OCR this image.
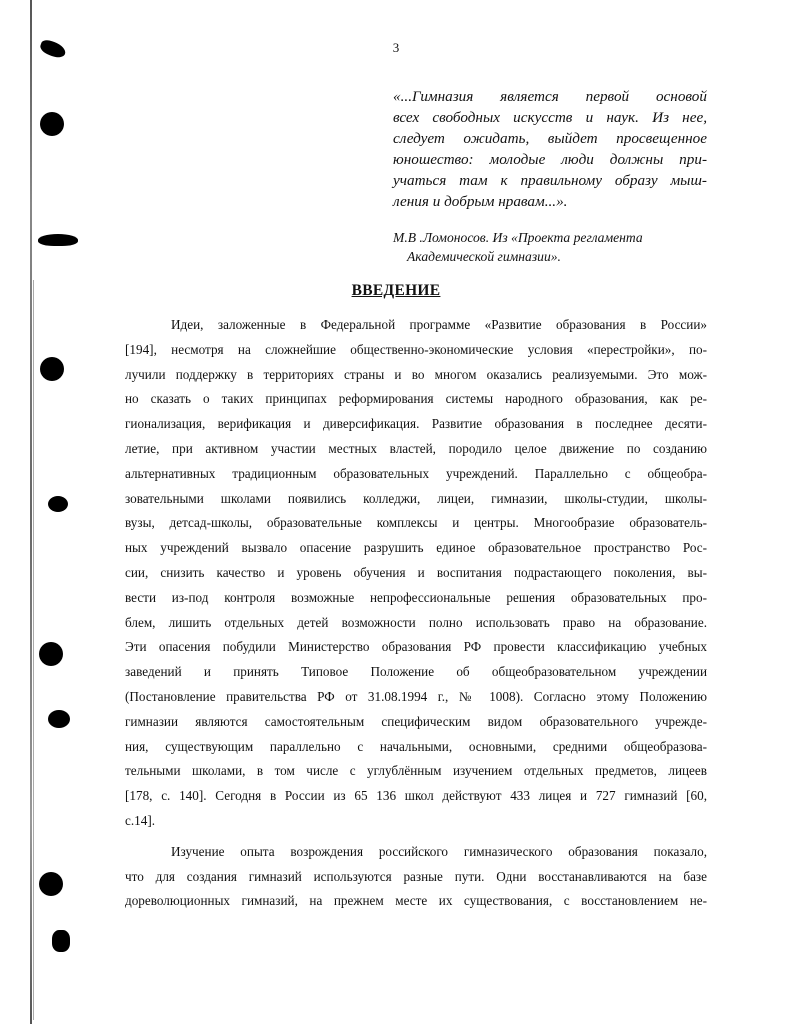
3
«...Гимназия является первой основой
всех свободных искусств и наук. Из нее,
следует ожидать, выйдет просвещенное
юношество: молодые люди должны при-
учаться там к правильному образу мыш-
ления и добрым нравам...».
М.В .Ломоносов. Из «Проекта регламента
Академической гимназии».
ВВЕДЕНИЕ
Идеи, заложенные в Федеральной программе «Развитие образования в России»
[194], несмотря на сложнейшие общественно-экономические условия «перестройки», по-
лучили поддержку в территориях страны и во многом оказались реализуемыми. Это мож-
но сказать о таких принципах реформирования системы народного образования, как ре-
гионализация, верификация и диверсификация. Развитие образования в последнее десяти-
летие, при активном участии местных властей, породило целое движение по созданию
альтернативных традиционным образовательных учреждений. Параллельно с общеобра-
зовательными школами появились колледжи, лицеи, гимназии, школы-студии, школы-
вузы, детсад-школы, образовательные комплексы и центры. Многообразие образователь-
ных учреждений вызвало опасение разрушить единое образовательное пространство Рос-
сии, снизить качество и уровень обучения и воспитания подрастающего поколения, вы-
вести из-под контроля возможные непрофессиональные решения образовательных про-
блем, лишить отдельных детей возможности полно использовать право на образование.
Эти опасения побудили Министерство образования РФ провести классификацию учебных
заведений и принять Типовое Положение об общеобразовательном учреждении
(Постановление правительства РФ от 31.08.1994 г., № 1008). Согласно этому Положению
гимназии являются самостоятельным специфическим видом образовательного учрежде-
ния, существующим параллельно с начальными, основными, средними общеобразова-
тельными школами, в том числе с углублённым изучением отдельных предметов, лицеев
[178, с. 140]. Сегодня в России из 65 136 школ действуют 433 лицея и 727 гимназий [60,
с.14].
Изучение опыта возрождения российского гимназического образования показало,
что для создания гимназий используются разные пути. Одни восстанавливаются на базе
дореволюционных гимназий, на прежнем месте их существования, с восстановлением не-
